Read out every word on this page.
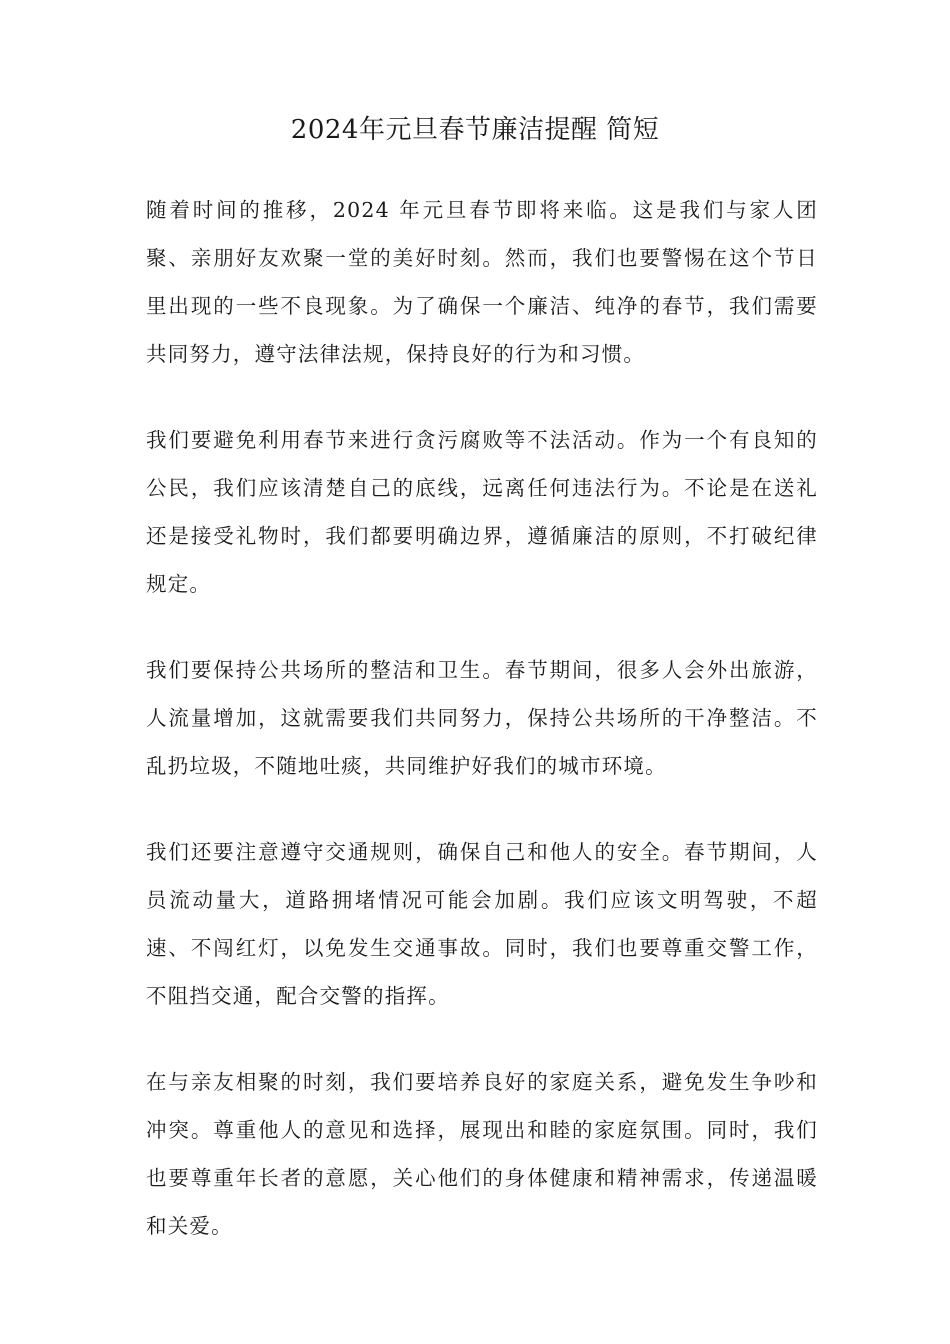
2024年元旦春节廉洁提醒 简短

随着时间的推移，2024 年元旦春节即将来临。这是我们与家人团聚、亲朋好友欢聚一堂的美好时刻。然而，我们也要警惕在这个节日里出现的一些不良现象。为了确保一个廉洁、纯净的春节，我们需要共同努力，遵守法律法规，保持良好的行为和习惯。

我们要避免利用春节来进行贪污腐败等不法活动。作为一个有良知的公民，我们应该清楚自己的底线，远离任何违法行为。不论是在送礼还是接受礼物时，我们都要明确边界，遵循廉洁的原则，不打破纪律规定。

我们要保持公共场所的整洁和卫生。春节期间，很多人会外出旅游，人流量增加，这就需要我们共同努力，保持公共场所的干净整洁。不乱扔垃圾，不随地吐痰，共同维护好我们的城市环境。

我们还要注意遵守交通规则，确保自己和他人的安全。春节期间，人员流动量大，道路拥堵情况可能会加剧。我们应该文明驾驶，不超速、不闯红灯，以免发生交通事故。同时，我们也要尊重交警工作，不阻挡交通，配合交警的指挥。

在与亲友相聚的时刻，我们要培养良好的家庭关系，避免发生争吵和冲突。尊重他人的意见和选择，展现出和睦的家庭氛围。同时，我们也要尊重年长者的意愿，关心他们的身体健康和精神需求，传递温暖和关爱。
